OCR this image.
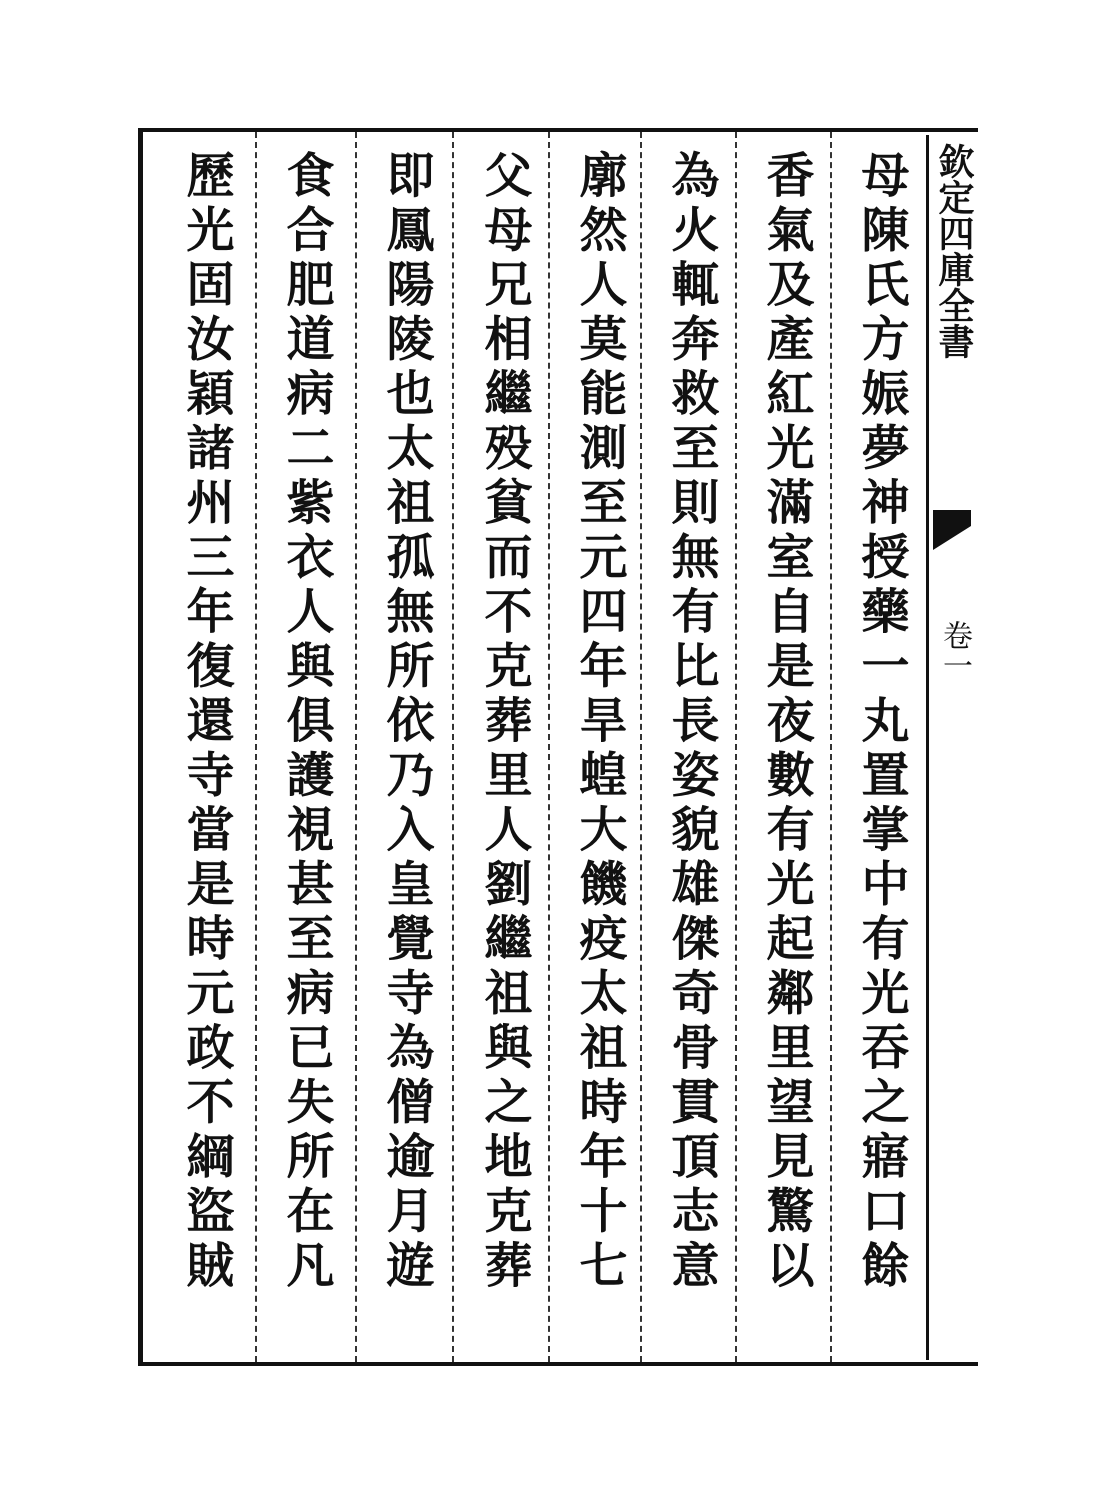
欽定四庫全書
卷一
母陳氏方娠夢神授藥一丸置掌中有光吞之寤口餘
香氣及產紅光滿室自是夜數有光起鄰里望見驚以
為火輒奔救至則無有比長姿貌雄傑奇骨貫頂志意
廓然人莫能測至元四年旱蝗大饑疫太祖時年十七
父母兄相繼殁貧而不克葬里人劉繼祖與之地克葬
即鳳陽陵也太祖孤無所依乃入皇覺寺為僧逾月遊
食合肥道病二紫衣人與俱護視甚至病已失所在凡
歷光固汝穎諸州三年復還寺當是時元政不綱盜賊
